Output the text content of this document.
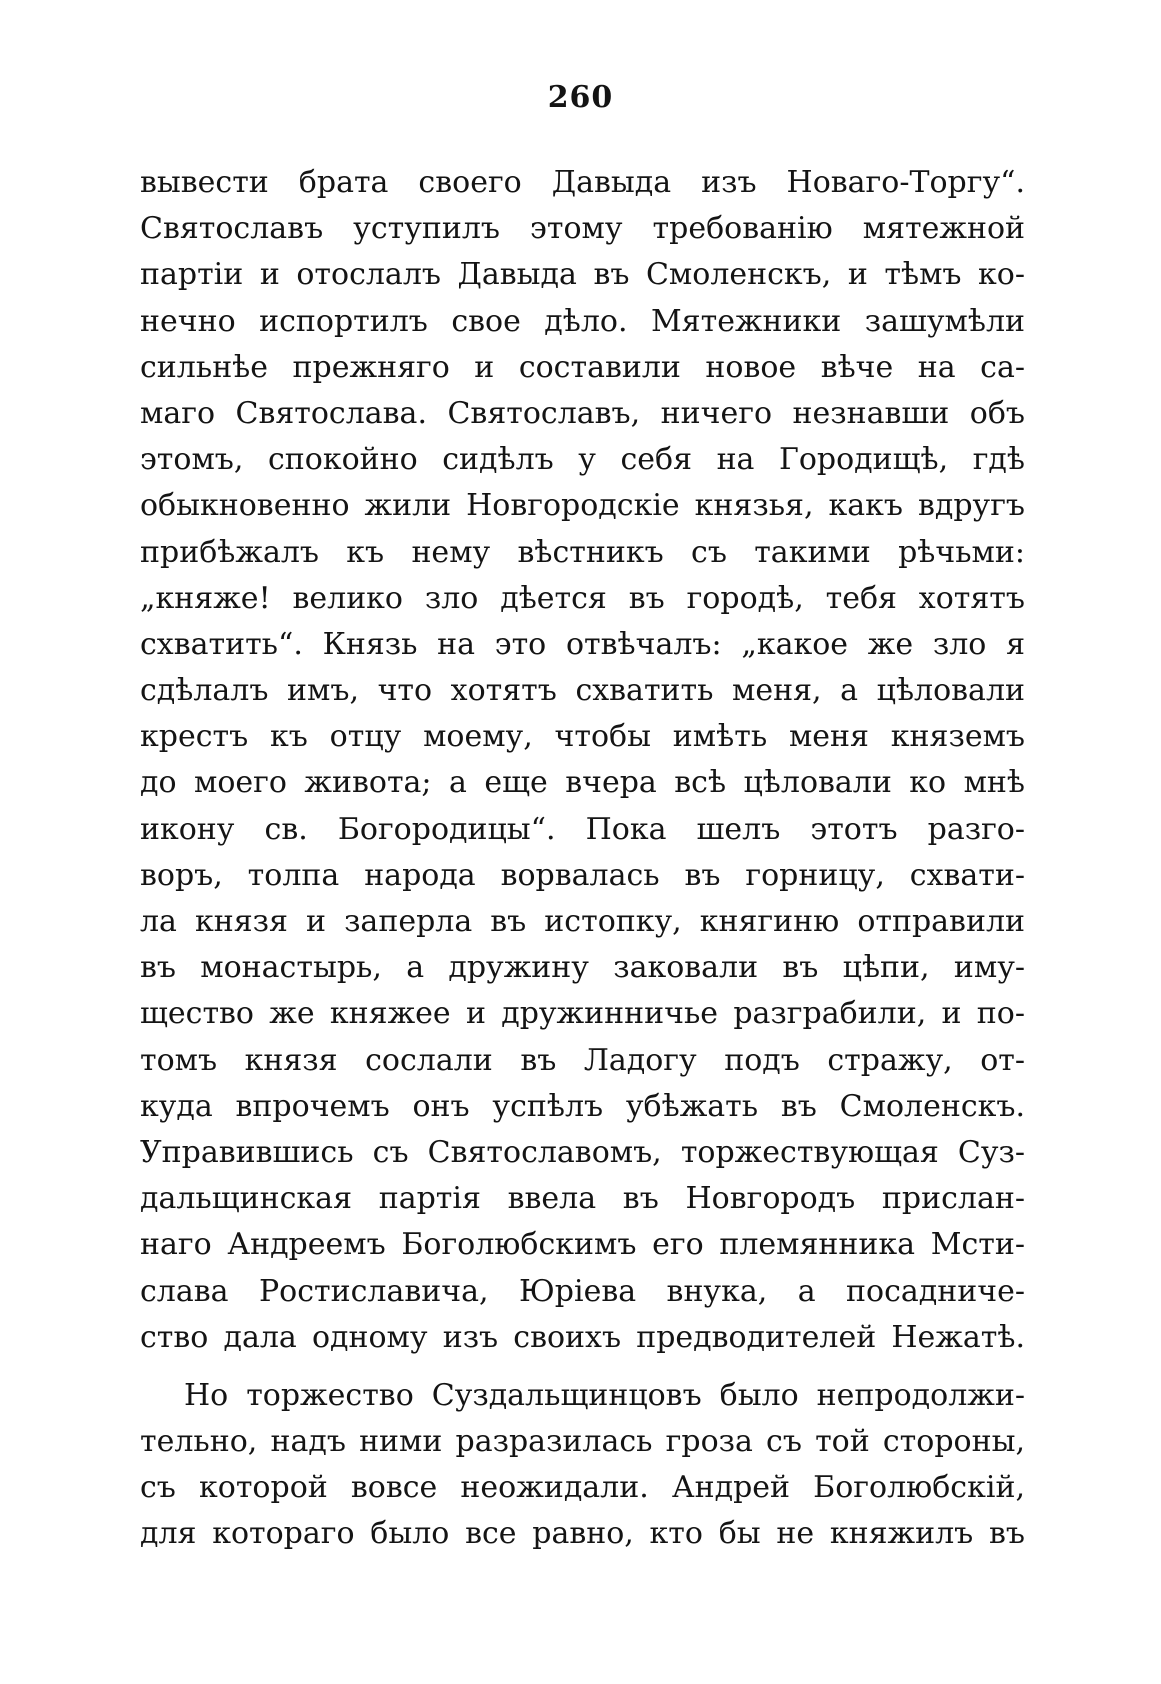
260
вывести брата своего Давыда изъ Новаго-Торгу“.
Святославъ уступилъ этому требованію мятежной
партіи и отослалъ Давыда въ Смоленскъ, и тѣмъ ко-
нечно испортилъ свое дѣло. Мятежники зашумѣли
сильнѣе прежняго и составили новое вѣче на са-
маго Святослава. Святославъ, ничего незнавши объ
этомъ, спокойно сидѣлъ у себя на Городищѣ, гдѣ
обыкновенно жили Новгородскіе князья, какъ вдругъ
прибѣжалъ къ нему вѣстникъ съ такими рѣчьми:
„княже! велико зло дѣется въ городѣ, тебя хотятъ
схватить“. Князь на это отвѣчалъ: „какое же зло я
сдѣлалъ имъ, что хотятъ схватить меня, а цѣловали
крестъ къ отцу моему, чтобы имѣть меня княземъ
до моего живота; а еще вчера всѣ цѣловали ко мнѣ
икону св. Богородицы“. Пока шелъ этотъ разго-
воръ, толпа народа ворвалась въ горницу, схвати-
ла князя и заперла въ истопку, княгиню отправили
въ монастырь, а дружину заковали въ цѣпи, иму-
щество же княжее и дружинничье разграбили, и по-
томъ князя сослали въ Ладогу подъ стражу, от-
куда впрочемъ онъ успѣлъ убѣжать въ Смоленскъ.
Управившись съ Святославомъ, торжествующая Суз-
дальщинская партія ввела въ Новгородъ прислан-
наго Андреемъ Боголюбскимъ его племянника Мсти-
слава Ростиславича, Юріева внука, а посадниче-
ство дала одному изъ своихъ предводителей Нежатѣ.
Но торжество Суздальщинцовъ было непродолжи-
тельно, надъ ними разразилась гроза съ той стороны,
съ которой вовсе неожидали. Андрей Боголюбскій,
для котораго было все равно, кто бы не княжилъ въ
